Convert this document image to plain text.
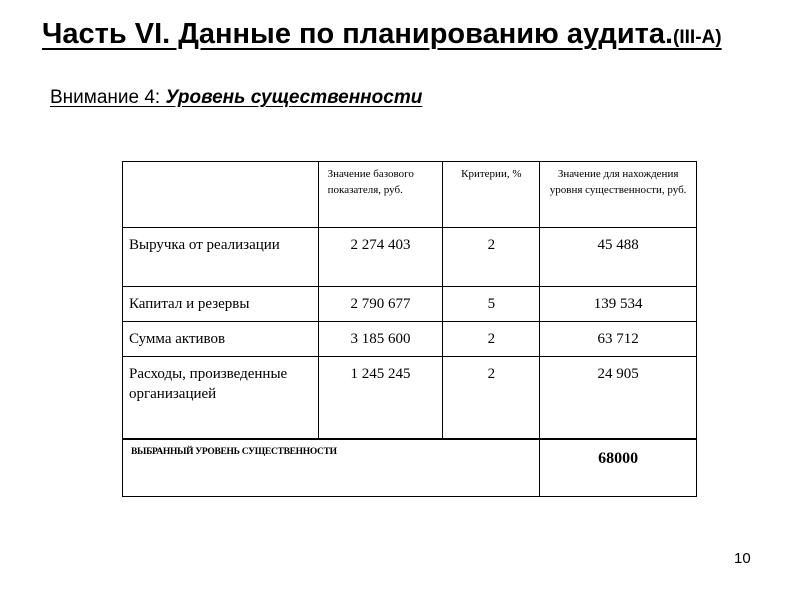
Часть VI. Данные по планированию аудита.(III-A)
Внимание 4: Уровень существенности
	Значение базового показателя, руб.	Критерии, %	Значение для нахождения уровня существенности, руб.
Выручка от реализации	2 274 403	2	45 488
Капитал и резервы	2 790 677	5	139 534
Сумма активов	3 185 600	2	63 712
Расходы, произведенные организацией	1 245 245	2	24 905
ВЫБРАННЫЙ УРОВЕНЬ СУЩЕСТВЕННОСТИ			68000
10
